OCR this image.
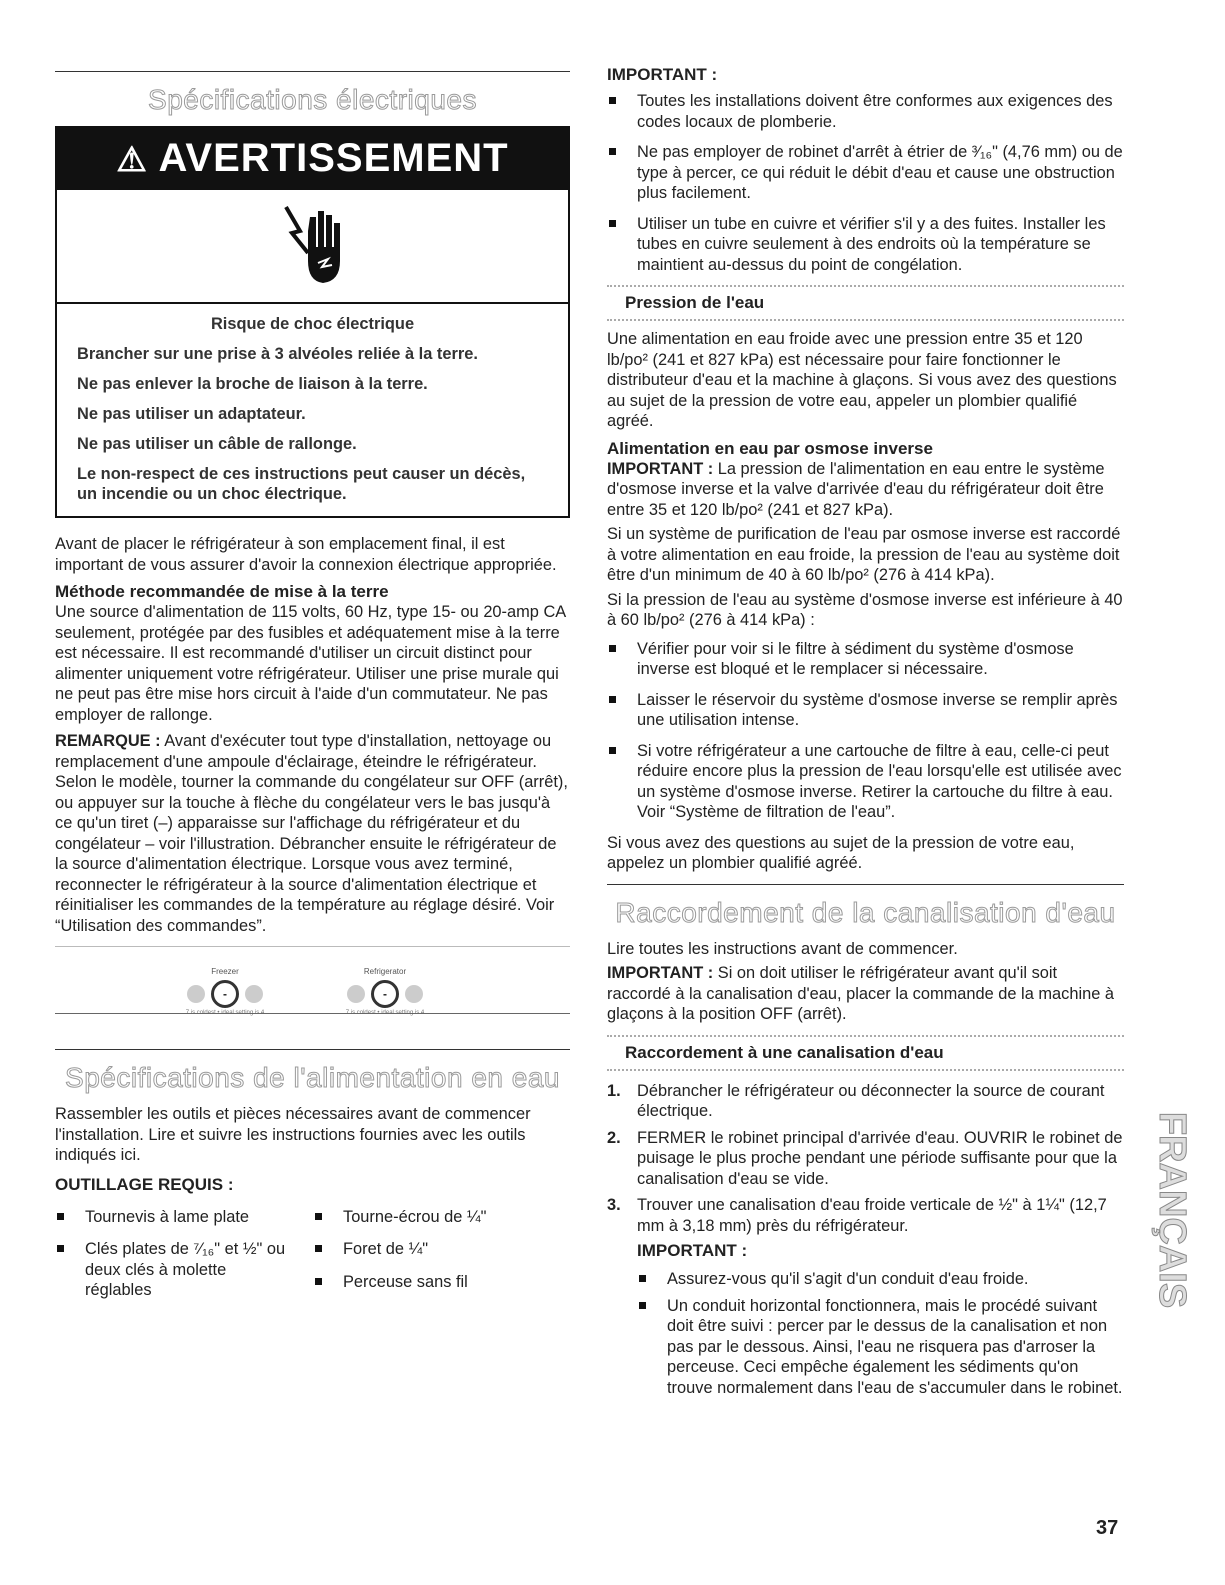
Spécifications électriques
⚠ AVERTISSEMENT

Risque de choc électrique

Brancher sur une prise à 3 alvéoles reliée à la terre.

Ne pas enlever la broche de liaison à la terre.

Ne pas utiliser un adaptateur.

Ne pas utiliser un câble de rallonge.

Le non-respect de ces instructions peut causer un décès, un incendie ou un choc électrique.

Avant de placer le réfrigérateur à son emplacement final, il est important de vous assurer d'avoir la connexion électrique appropriée.

Méthode recommandée de mise à la terre

Une source d'alimentation de 115 volts, 60 Hz, type 15- ou 20-amp CA seulement, protégée par des fusibles et adéquatement mise à la terre est nécessaire. Il est recommandé d'utiliser un circuit distinct pour alimenter uniquement votre réfrigérateur. Utiliser une prise murale qui ne peut pas être mise hors circuit à l'aide d'un commutateur. Ne pas employer de rallonge.

REMARQUE : Avant d'exécuter tout type d'installation, nettoyage ou remplacement d'une ampoule d'éclairage, éteindre le réfrigérateur. Selon le modèle, tourner la commande du congélateur sur OFF (arrêt), ou appuyer sur la touche à flèche du congélateur vers le bas jusqu'à ce qu'un tiret (–) apparaisse sur l'affichage du réfrigérateur et du congélateur – voir l'illustration. Débrancher ensuite le réfrigérateur de la source d'alimentation électrique. Lorsque vous avez terminé, reconnecter le réfrigérateur à la source d'alimentation électrique et réinitialiser les commandes de la température au réglage désiré. Voir “Utilisation des commandes”.

Freezer
-
7 is coldest • ideal setting is 4
Refrigerator
-
7 is coldest • ideal setting is 4
Spécifications de l'alimentation en eau

Rassembler les outils et pièces nécessaires avant de commencer l'installation. Lire et suivre les instructions fournies avec les outils indiqués ici.

OUTILLAGE REQUIS :

Tournevis à lame plate
Clés plates de ⁷⁄₁₆" et ½" ou deux clés à molette réglables
Tourne-écrou de ¼"
Foret de ¼"
Perceuse sans fil

IMPORTANT :

Toutes les installations doivent être conformes aux exigences des codes locaux de plomberie.
Ne pas employer de robinet d'arrêt à étrier de ³⁄₁₆" (4,76 mm) ou de type à percer, ce qui réduit le débit d'eau et cause une obstruction plus facilement.
Utiliser un tube en cuivre et vérifier s'il y a des fuites. Installer les tubes en cuivre seulement à des endroits où la température se maintient au-dessus du point de congélation.
Pression de l'eau

Une alimentation en eau froide avec une pression entre 35 et 120 lb/po² (241 et 827 kPa) est nécessaire pour faire fonctionner le distributeur d'eau et la machine à glaçons. Si vous avez des questions au sujet de la pression de votre eau, appeler un plombier qualifié agréé.

Alimentation en eau par osmose inverse

IMPORTANT : La pression de l'alimentation en eau entre le système d'osmose inverse et la valve d'arrivée d'eau du réfrigérateur doit être entre 35 et 120 lb/po² (241 et 827 kPa).

Si un système de purification de l'eau par osmose inverse est raccordé à votre alimentation en eau froide, la pression de l'eau au système doit être d'un minimum de 40 à 60 lb/po² (276 à 414 kPa).

Si la pression de l'eau au système d'osmose inverse est inférieure à 40 à 60 lb/po² (276 à 414 kPa) :

Vérifier pour voir si le filtre à sédiment du système d'osmose inverse est bloqué et le remplacer si nécessaire.
Laisser le réservoir du système d'osmose inverse se remplir après une utilisation intense.
Si votre réfrigérateur a une cartouche de filtre à eau, celle-ci peut réduire encore plus la pression de l'eau lorsqu'elle est utilisée avec un système d'osmose inverse. Retirer la cartouche du filtre à eau. Voir “Système de filtration de l'eau”.

Si vous avez des questions au sujet de la pression de votre eau, appelez un plombier qualifié agréé.

Raccordement de la canalisation d'eau

Lire toutes les instructions avant de commencer.

IMPORTANT : Si on doit utiliser le réfrigérateur avant qu'il soit raccordé à la canalisation d'eau, placer la commande de la machine à glaçons à la position OFF (arrêt).

Raccordement à une canalisation d'eau
1. Débrancher le réfrigérateur ou déconnecter la source de courant électrique.
2. FERMER le robinet principal d'arrivée d'eau. OUVRIR le robinet de puisage le plus proche pendant une période suffisante pour que la canalisation d'eau se vide.
3. Trouver une canalisation d'eau froide verticale de ½" à 1¼" (12,7 mm à 3,18 mm) près du réfrigérateur.

IMPORTANT :

Assurez-vous qu'il s'agit d'un conduit d'eau froide.
Un conduit horizontal fonctionnera, mais le procédé suivant doit être suivi : percer par le dessus de la canalisation et non pas par le dessous. Ainsi, l'eau ne risquera pas d'arroser la perceuse. Ceci empêche également les sédiments qu'on trouve normalement dans l'eau de s'accumuler dans le robinet.
FRANÇAIS
37
